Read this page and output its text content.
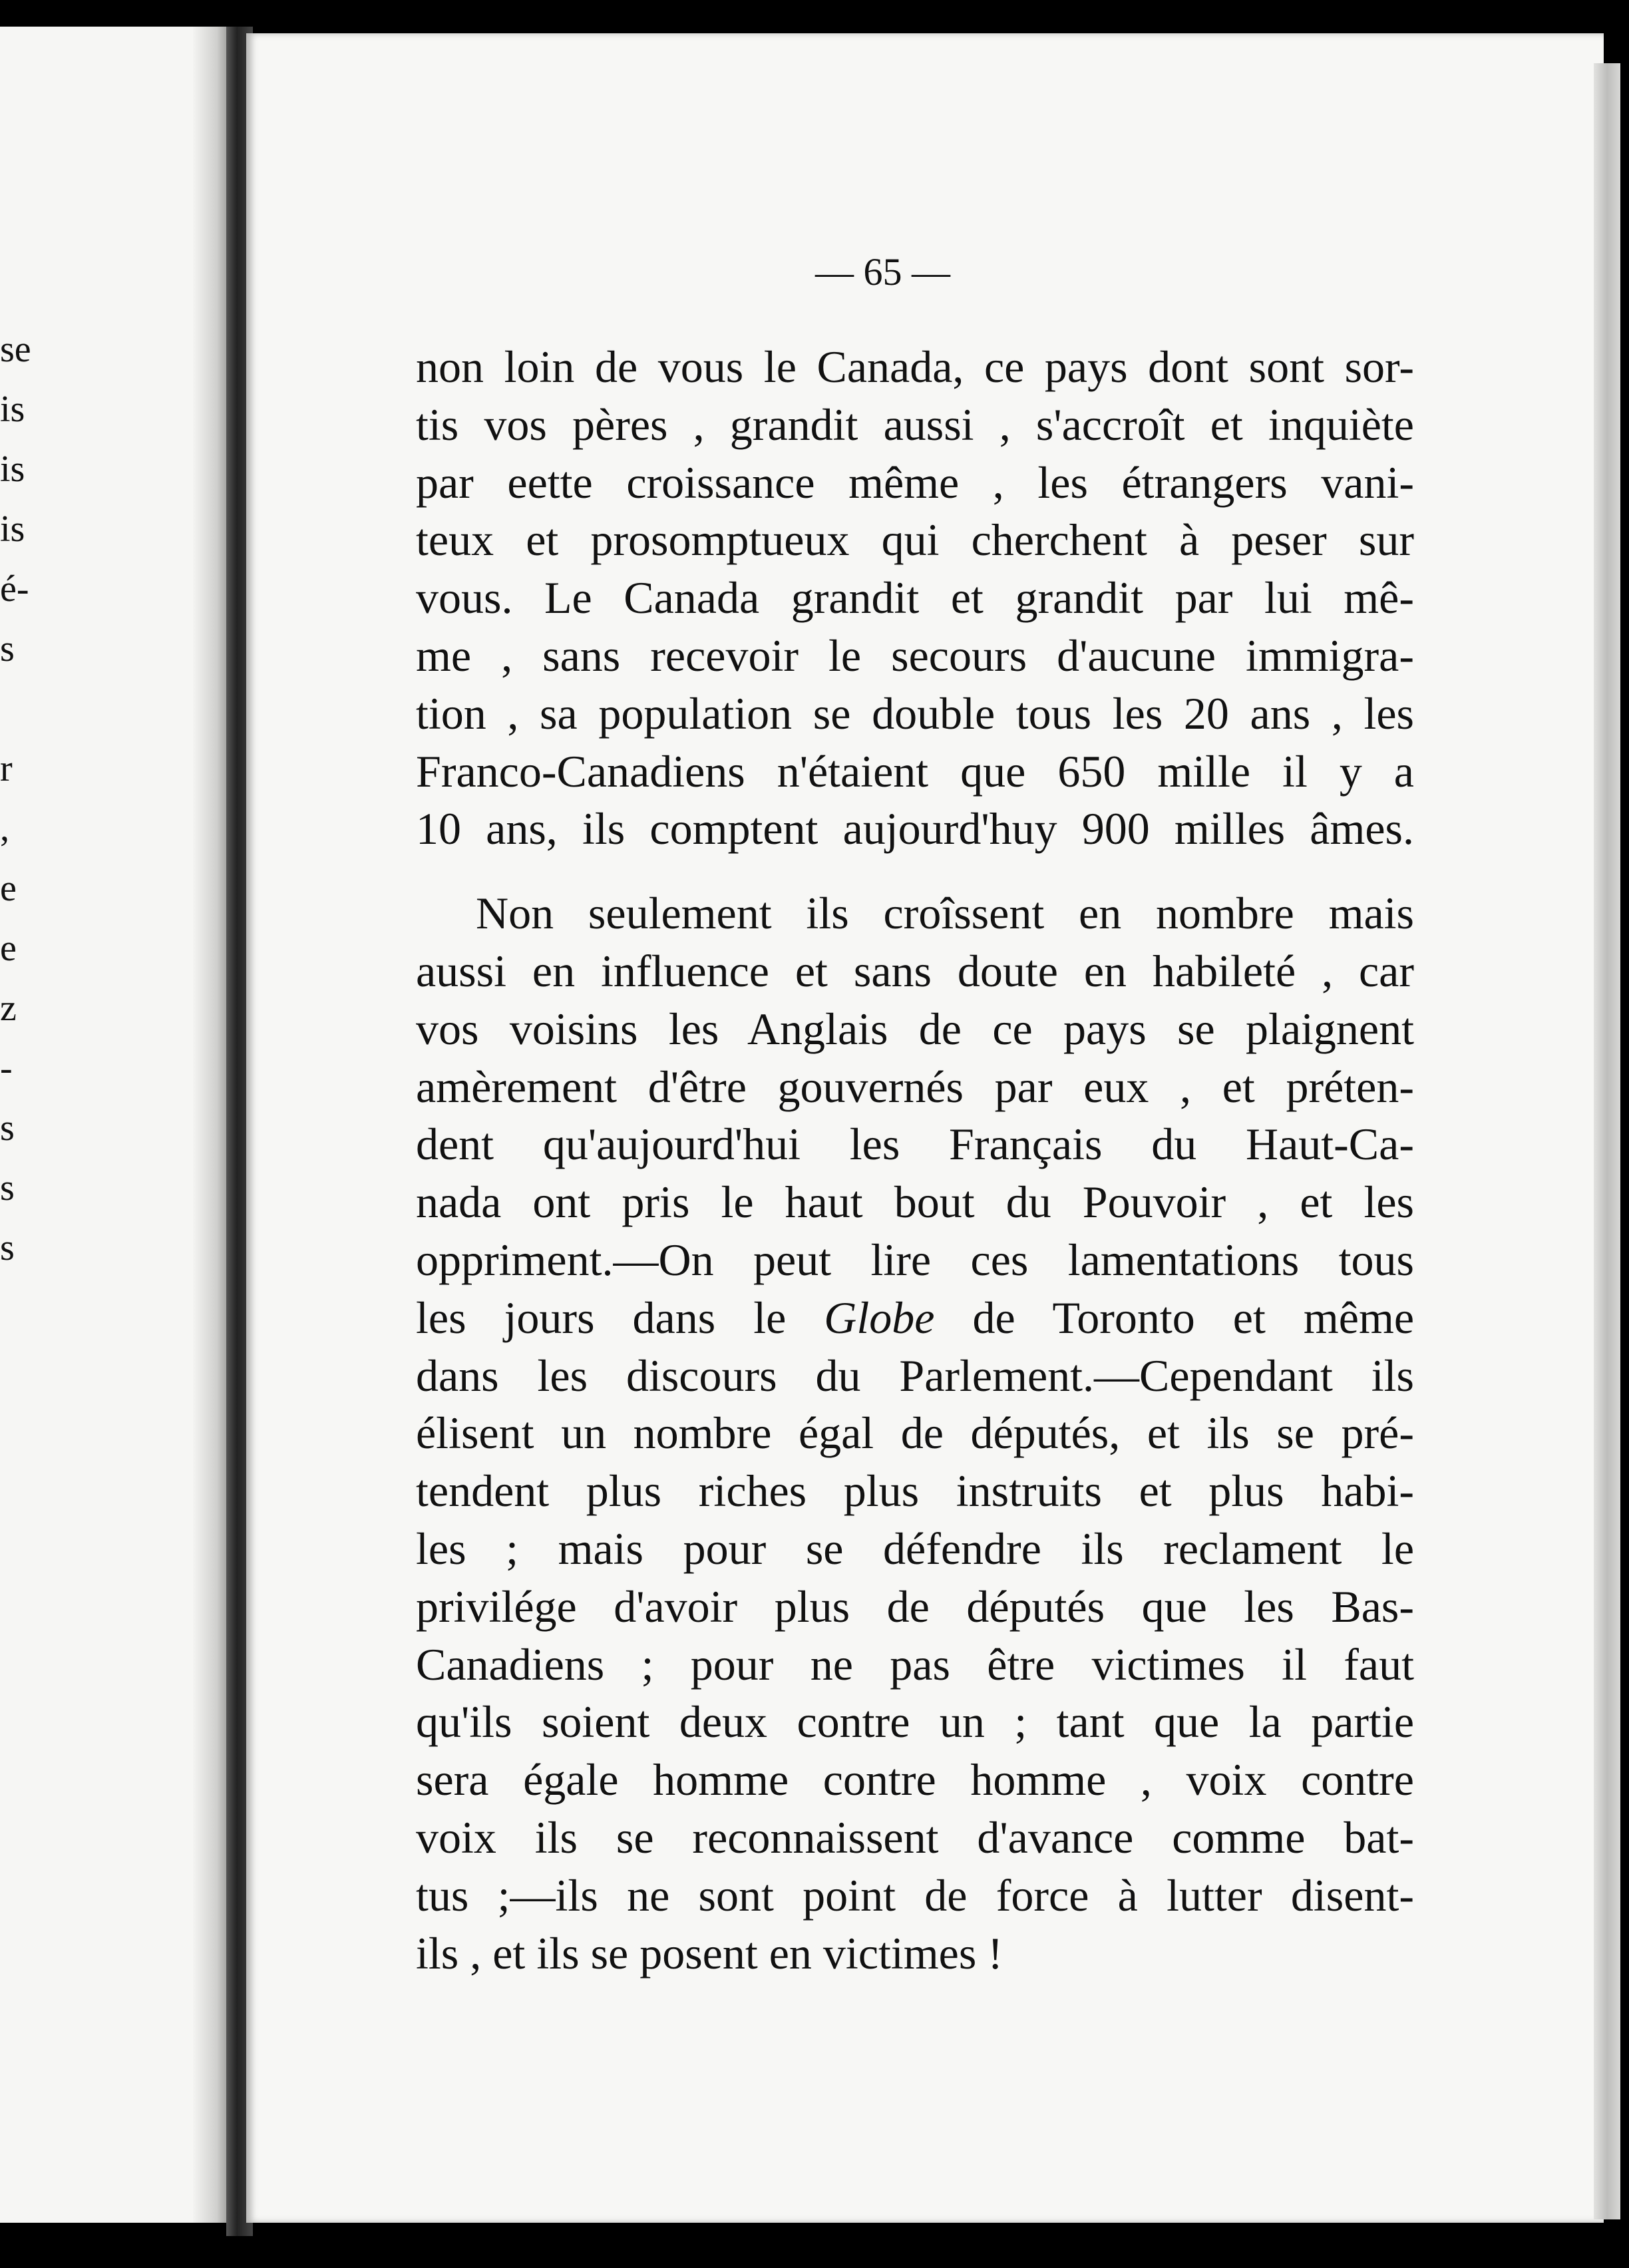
se
is
is
is
é-
s
r
,
e
e
z
-
s
s
s
— 65 —
non loin de vous le Canada, ce pays dont sont sor-
tis vos pères , grandit aussi , s'accroît et inquiète
par eette croissance même , les étrangers vani-
teux et prosomptueux qui cherchent à peser sur
vous. Le Canada grandit et grandit par lui mê-
me , sans recevoir le secours d'aucune immigra-
tion , sa population se double tous les 20 ans , les
Franco-Canadiens n'étaient que 650 mille il y a
10 ans, ils comptent aujourd'huy 900 milles âmes.
Non seulement ils croîssent en nombre mais
aussi en influence et sans doute en habileté , car
vos voisins les Anglais de ce pays se plaignent
amèrement d'être gouvernés par eux , et préten-
dent qu'aujourd'hui les Français du Haut-Ca-
nada ont pris le haut bout du Pouvoir , et les
oppriment.—On peut lire ces lamentations tous
les jours dans le Globe de Toronto et même
dans les discours du Parlement.—Cependant ils
élisent un nombre égal de députés, et ils se pré-
tendent plus riches plus instruits et plus habi-
les ; mais pour se défendre ils reclament le
privilége d'avoir plus de députés que les Bas-
Canadiens ; pour ne pas être victimes il faut
qu'ils soient deux contre un ; tant que la partie
sera égale homme contre homme , voix contre
voix ils se reconnaissent d'avance comme bat-
tus ;—ils ne sont point de force à lutter disent-
ils , et ils se posent en victimes !
